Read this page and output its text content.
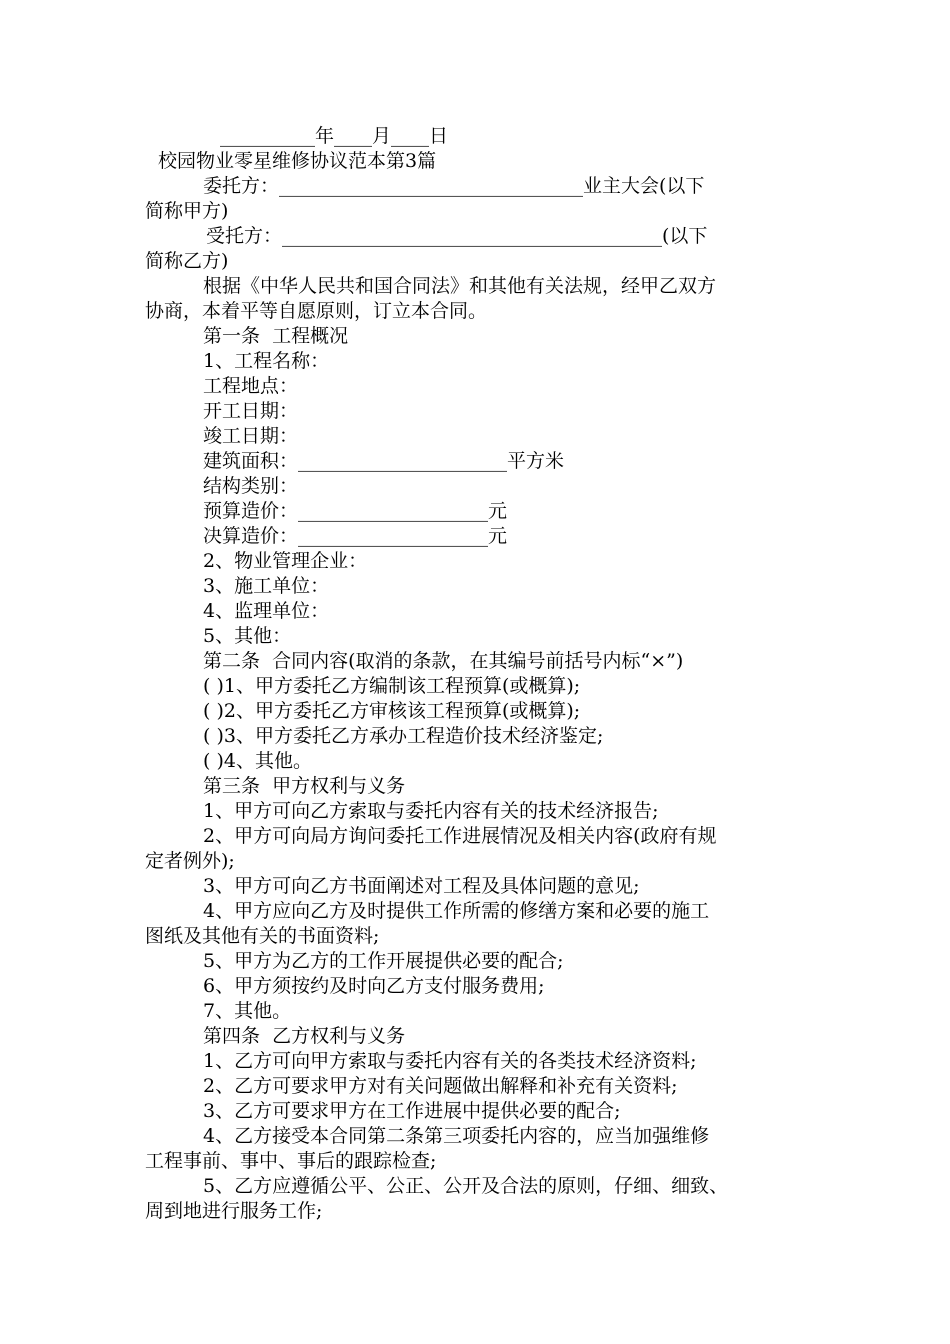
__________年____月____日
校园物业零星维修协议范本第3篇
委托方：________________________________业主大会(以下
简称甲方)
受托方：________________________________________(以下
简称乙方)
根据《中华人民共和国合同法》和其他有关法规，经甲乙双方
协商，本着平等自愿原则，订立本合同。
第一条  工程概况
1、工程名称：
工程地点：
开工日期：
竣工日期：
建筑面积：______________________平方米
结构类别：
预算造价：____________________元
决算造价：____________________元
2、物业管理企业：
3、施工单位：
4、监理单位：
5、其他：
第二条  合同内容(取消的条款，在其编号前括号内标“×”)
( )1、甲方委托乙方编制该工程预算(或概算);
( )2、甲方委托乙方审核该工程预算(或概算);
( )3、甲方委托乙方承办工程造价技术经济鉴定;
( )4、其他。
第三条  甲方权利与义务
1、甲方可向乙方索取与委托内容有关的技术经济报告;
2、甲方可向局方询问委托工作进展情况及相关内容(政府有规
定者例外);
3、甲方可向乙方书面阐述对工程及具体问题的意见;
4、甲方应向乙方及时提供工作所需的修缮方案和必要的施工
图纸及其他有关的书面资料;
5、甲方为乙方的工作开展提供必要的配合;
6、甲方须按约及时向乙方支付服务费用;
7、其他。
第四条  乙方权利与义务
1、乙方可向甲方索取与委托内容有关的各类技术经济资料;
2、乙方可要求甲方对有关问题做出解释和补充有关资料;
3、乙方可要求甲方在工作进展中提供必要的配合;
4、乙方接受本合同第二条第三项委托内容的，应当加强维修
工程事前、事中、事后的跟踪检查;
5、乙方应遵循公平、公正、公开及合法的原则，仔细、细致、
周到地进行服务工作;
